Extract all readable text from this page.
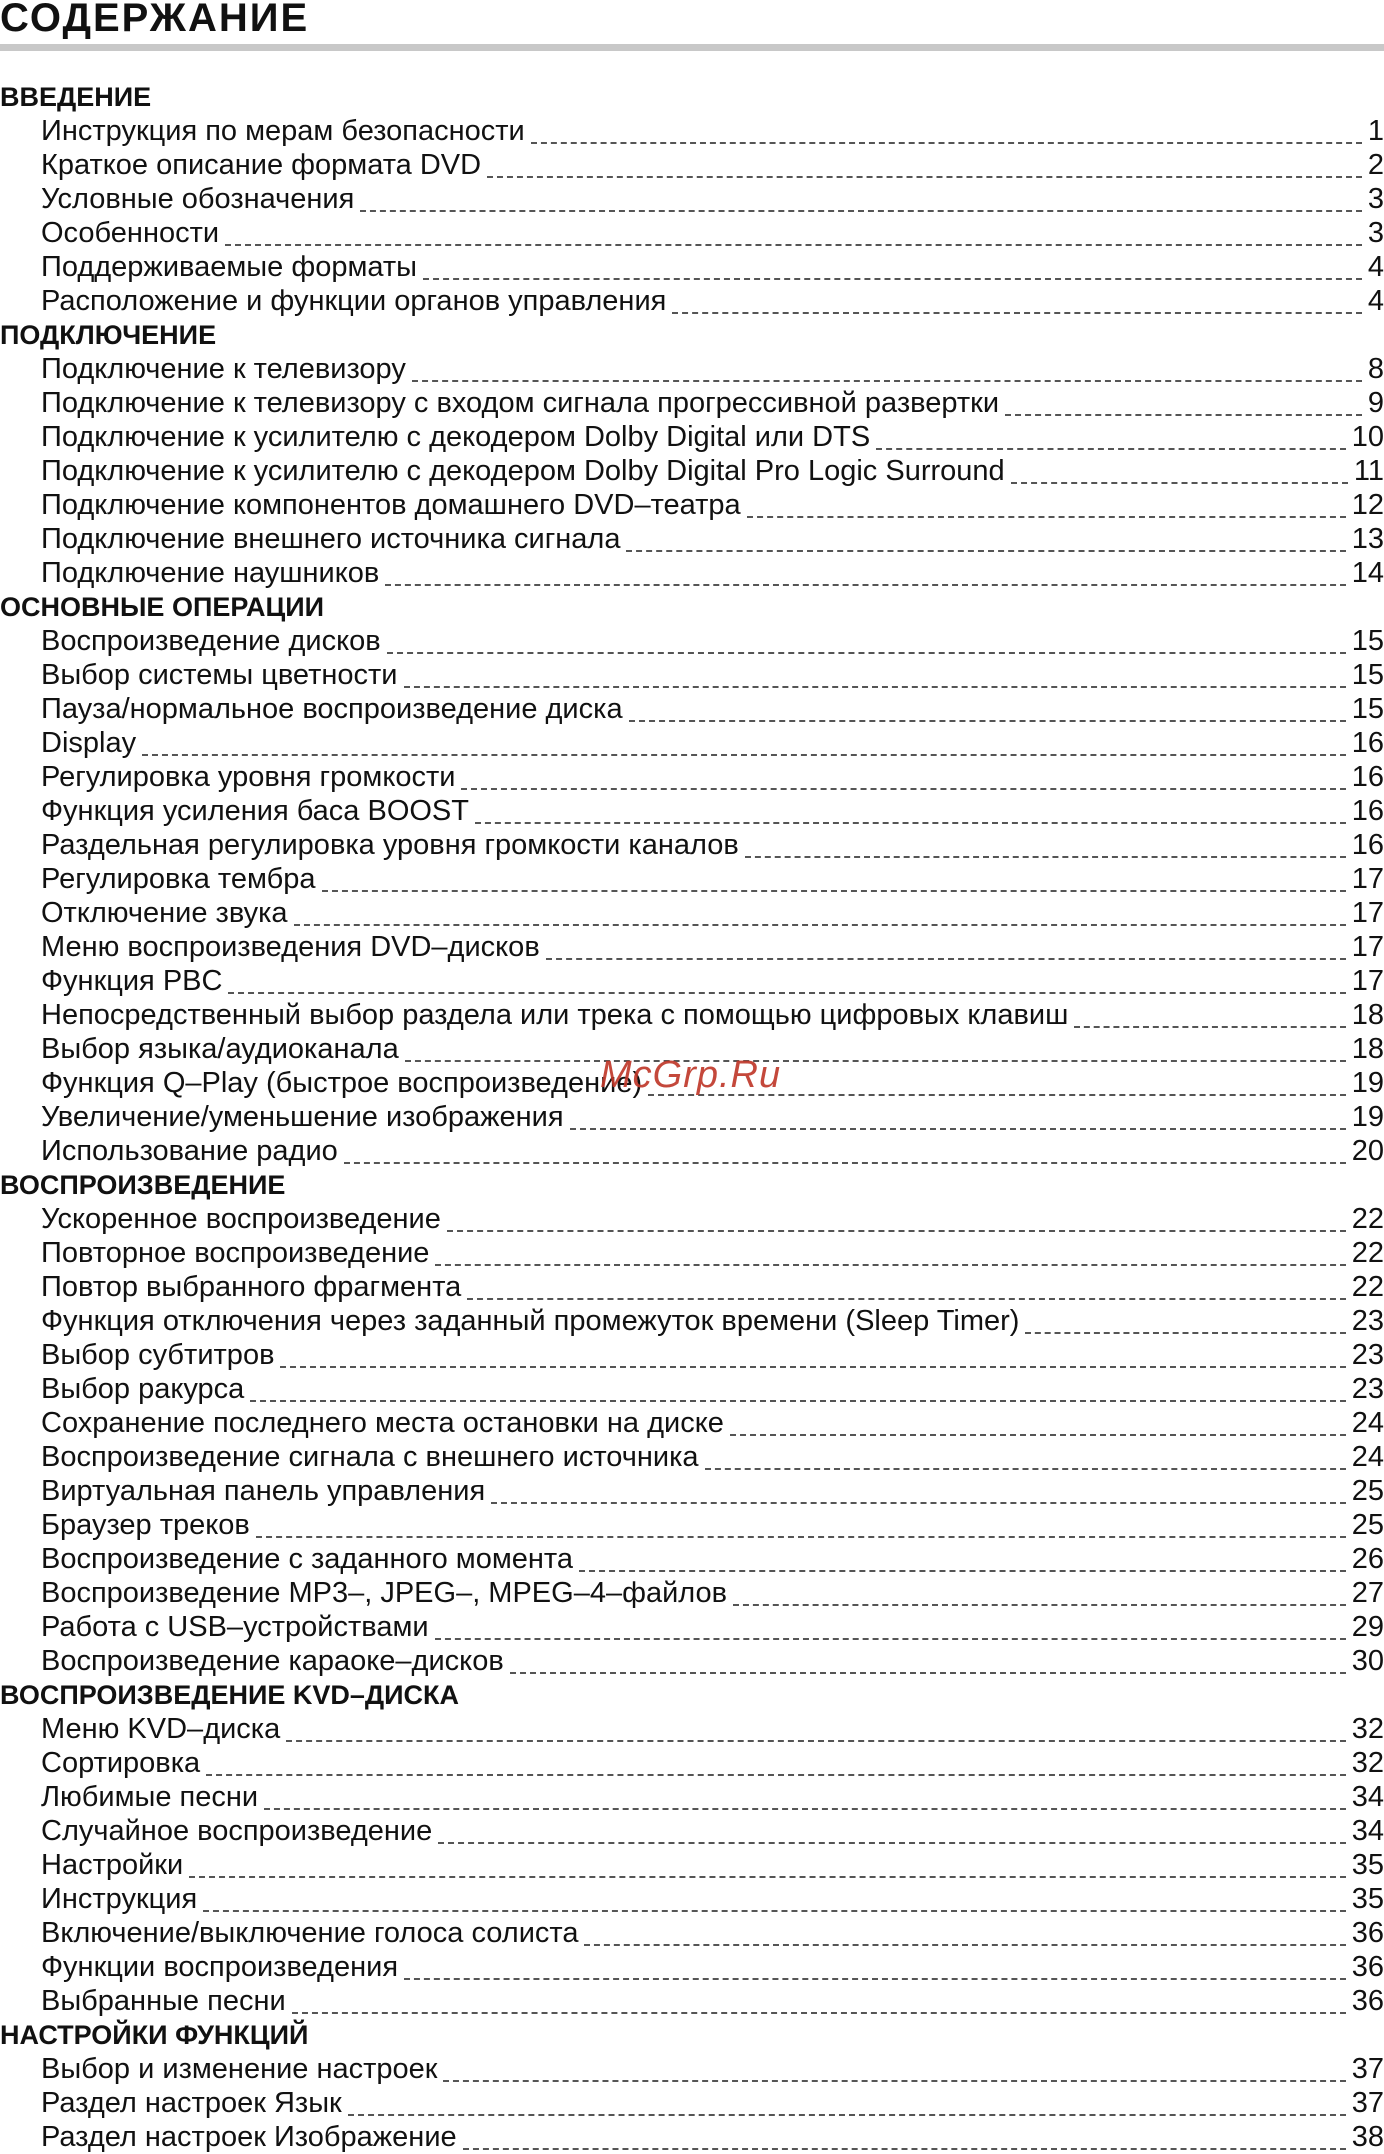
СОДЕРЖАНИЕ
ВВЕДЕНИЕ
Инструкция по мерам безопасности	1
Краткое описание формата DVD	2
Условные обозначения	3
Особенности	3
Поддерживаемые форматы	4
Расположение и функции органов управления	4
ПОДКЛЮЧЕНИЕ
Подключение к телевизору	8
Подключение к телевизору с входом сигнала прогрессивной развертки	9
Подключение к усилителю с декодером Dolby Digital или DTS	10
Подключение к усилителю с декодером Dolby Digital Pro Logic Surround	11
Подключение компонентов домашнего DVD–театра	12
Подключение внешнего источника сигнала	13
Подключение наушников	14
ОСНОВНЫЕ ОПЕРАЦИИ
Воспроизведение дисков	15
Выбор системы цветности	15
Пауза/нормальное воспроизведение диска	15
Display	16
Регулировка уровня громкости	16
Функция усиления баса BOOST	16
Раздельная регулировка уровня громкости каналов	16
Регулировка тембра	17
Отключение звука	17
Меню воспроизведения DVD–дисков	17
Функция PBC	17
Непосредственный выбор раздела или трека с помощью цифровых клавиш	18
Выбор языка/аудиоканала	18
Функция Q–Play (быстрое воспроизведение)	19
Увеличение/уменьшение изображения	19
Использование радио	20
ВОСПРОИЗВЕДЕНИЕ
Ускоренное воспроизведение	22
Повторное воспроизведение	22
Повтор выбранного фрагмента	22
Функция отключения через заданный промежуток времени (Sleep Timer)	23
Выбор субтитров	23
Выбор ракурса	23
Сохранение последнего места остановки на диске	24
Воспроизведение сигнала с внешнего источника	24
Виртуальная панель управления	25
Браузер треков	25
Воспроизведение с заданного момента	26
Воспроизведение MP3–, JPEG–, MPEG–4–файлов	27
Работа с USB–устройствами	29
Воспроизведение караоке–дисков	30
ВОСПРОИЗВЕДЕНИЕ KVD–ДИСКА
Меню KVD–диска	32
Сортировка	32
Любимые песни	34
Случайное воспроизведение	34
Настройки	35
Инструкция	35
Включение/выключение голоса солиста	36
Функции воспроизведения	36
Выбранные песни	36
НАСТРОЙКИ ФУНКЦИЙ
Выбор и изменение настроек	37
Раздел настроек Язык	37
Раздел настроек Изображение	38
McGrp.Ru
